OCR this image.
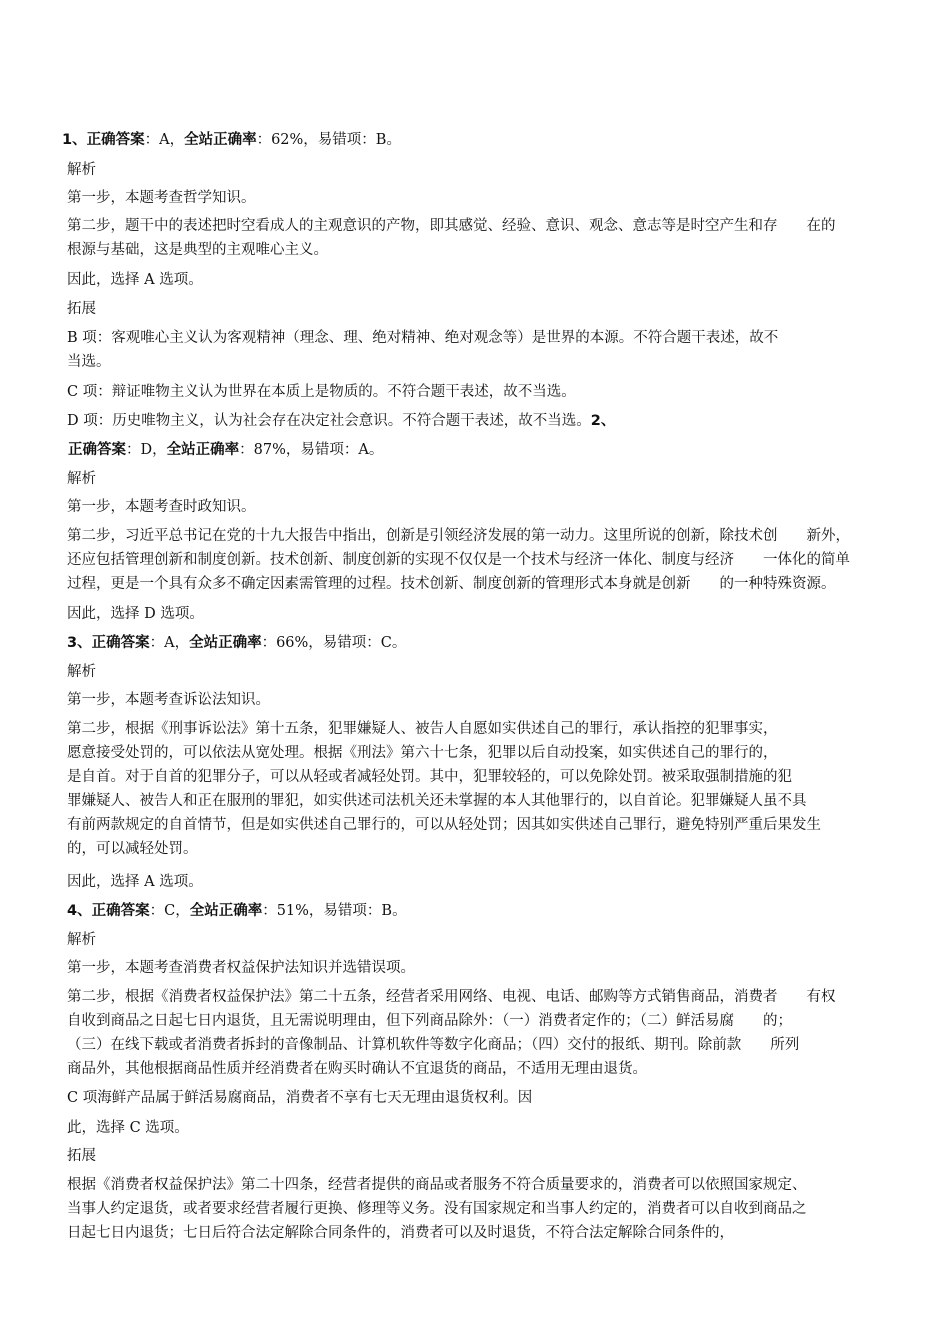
1、正确答案：A，全站正确率：62%，易错项：B。
解析
第一步，本题考查哲学知识。
第二步，题干中的表述把时空看成人的主观意识的产物，即其感觉、经验、意识、观念、意志等是时空产生和存　　在的
根源与基础，这是典型的主观唯心主义。
因此，选择 A 选项。
拓展
B 项：客观唯心主义认为客观精神（理念、理、绝对精神、绝对观念等）是世界的本源。不符合题干表述，故不
当选。
C 项：辩证唯物主义认为世界在本质上是物质的。不符合题干表述，故不当选。
D 项：历史唯物主义，认为社会存在决定社会意识。不符合题干表述，故不当选。2、
正确答案：D，全站正确率：87%，易错项：A。
解析
第一步，本题考查时政知识。
第二步，习近平总书记在党的十九大报告中指出，创新是引领经济发展的第一动力。这里所说的创新，除技术创　　新外，
还应包括管理创新和制度创新。技术创新、制度创新的实现不仅仅是一个技术与经济一体化、制度与经济　　一体化的简单
过程，更是一个具有众多不确定因素需管理的过程。技术创新、制度创新的管理形式本身就是创新　　的一种特殊资源。
因此，选择 D 选项。
3、正确答案：A，全站正确率：66%，易错项：C。
解析
第一步，本题考查诉讼法知识。
第二步，根据《刑事诉讼法》第十五条，犯罪嫌疑人、被告人自愿如实供述自己的罪行，承认指控的犯罪事实，
愿意接受处罚的，可以依法从宽处理。根据《刑法》第六十七条，犯罪以后自动投案，如实供述自己的罪行的，
是自首。对于自首的犯罪分子，可以从轻或者减轻处罚。其中，犯罪较轻的，可以免除处罚。被采取强制措施的犯
罪嫌疑人、被告人和正在服刑的罪犯，如实供述司法机关还未掌握的本人其他罪行的，以自首论。犯罪嫌疑人虽不具
有前两款规定的自首情节，但是如实供述自己罪行的，可以从轻处罚；因其如实供述自己罪行，避免特别严重后果发生
的，可以减轻处罚。
因此，选择 A 选项。
4、正确答案：C，全站正确率：51%，易错项：B。
解析
第一步，本题考查消费者权益保护法知识并选错误项。
第二步，根据《消费者权益保护法》第二十五条，经营者采用网络、电视、电话、邮购等方式销售商品，消费者　　有权
自收到商品之日起七日内退货，且无需说明理由，但下列商品除外：（一）消费者定作的；（二）鲜活易腐　　的；
（三）在线下载或者消费者拆封的音像制品、计算机软件等数字化商品；（四）交付的报纸、期刊。除前款　　所列
商品外，其他根据商品性质并经消费者在购买时确认不宜退货的商品，不适用无理由退货。
C 项海鲜产品属于鲜活易腐商品，消费者不享有七天无理由退货权利。因
此，选择 C 选项。
拓展
根据《消费者权益保护法》第二十四条，经营者提供的商品或者服务不符合质量要求的，消费者可以依照国家规定、
当事人约定退货，或者要求经营者履行更换、修理等义务。没有国家规定和当事人约定的，消费者可以自收到商品之
日起七日内退货；七日后符合法定解除合同条件的，消费者可以及时退货，不符合法定解除合同条件的，
